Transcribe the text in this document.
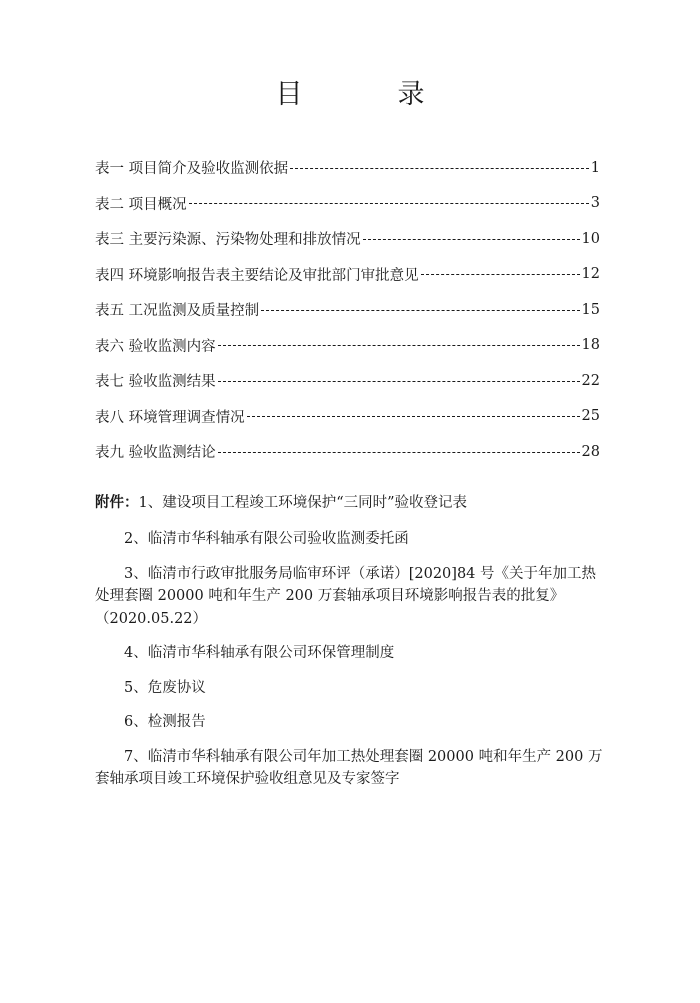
目　录
表一 项目简介及验收监测依据	1
表二 项目概况	3
表三 主要污染源、污染物处理和排放情况	10
表四 环境影响报告表主要结论及审批部门审批意见	12
表五 工况监测及质量控制	15
表六 验收监测内容	18
表七 验收监测结果	22
表八 环境管理调查情况	25
表九 验收监测结论	28

附件：1、建设项目工程竣工环境保护“三同时”验收登记表

2、临清市华科轴承有限公司验收监测委托函

3、临清市行政审批服务局临审环评（承诺）[2020]84 号《关于年加工热处理套圈 20000 吨和年生产 200 万套轴承项目环境影响报告表的批复》（2020.05.22）

4、临清市华科轴承有限公司环保管理制度

5、危废协议

6、检测报告

7、临清市华科轴承有限公司年加工热处理套圈 20000 吨和年生产 200 万套轴承项目竣工环境保护验收组意见及专家签字
